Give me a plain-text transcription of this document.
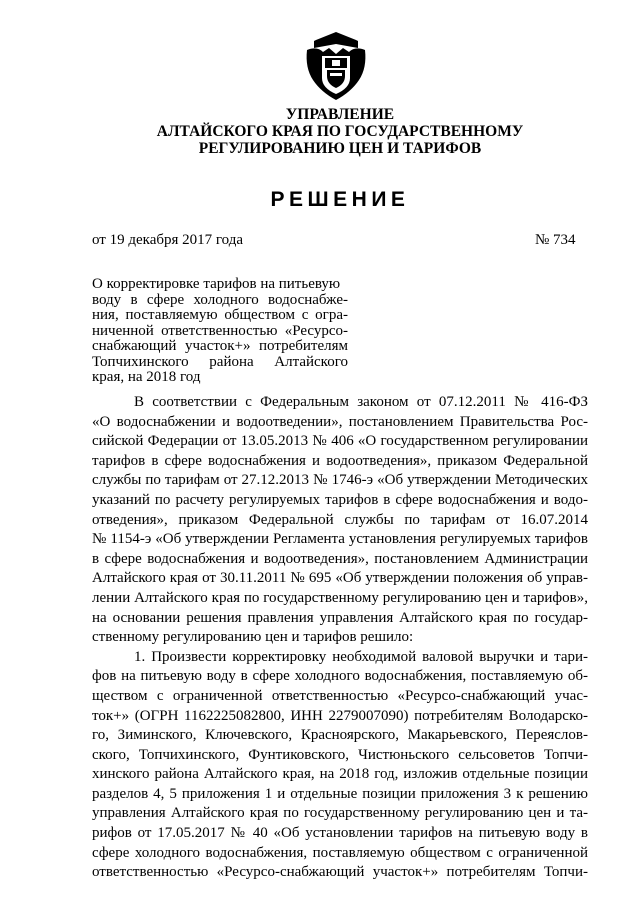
УПРАВЛЕНИЕ
АЛТАЙСКОГО КРАЯ ПО ГОСУДАРСТВЕННОМУ
РЕГУЛИРОВАНИЮ ЦЕН И ТАРИФОВ
РЕШЕНИЕ
от 19 декабря 2017 года	№ 734
О корректировке тарифов на питьевую
воду в сфере холодного водоснабже-
ния, поставляемую обществом с огра-
ниченной ответственностью «Ресурсо-
снабжающий участок+» потребителям
Топчихинского района Алтайского
края, на 2018 год
В соответствии с Федеральным законом от 07.12.2011 № 416-ФЗ
«О водоснабжении и водоотведении», постановлением Правительства Рос-
сийской Федерации от 13.05.2013 № 406 «О государственном регулировании
тарифов в сфере водоснабжения и водоотведения», приказом Федеральной
службы по тарифам от 27.12.2013 № 1746-э «Об утверждении Методических
указаний по расчету регулируемых тарифов в сфере водоснабжения и водо-
отведения», приказом Федеральной службы по тарифам от 16.07.2014
№ 1154-э «Об утверждении Регламента установления регулируемых тарифов
в сфере водоснабжения и водоотведения», постановлением Администрации
Алтайского края от 30.11.2011 № 695 «Об утверждении положения об управ-
лении Алтайского края по государственному регулированию цен и тарифов»,
на основании решения правления управления Алтайского края по государ-
ственному регулированию цен и тарифов решило:
1. Произвести корректировку необходимой валовой выручки и тари-
фов на питьевую воду в сфере холодного водоснабжения, поставляемую об-
ществом с ограниченной ответственностью «Ресурсо-снабжающий учас-
ток+» (ОГРН 1162225082800, ИНН 2279007090) потребителям Володарско-
го, Зиминского, Ключевского, Красноярского, Макарьевского, Переяслов-
ского, Топчихинского, Фунтиковского, Чистюньского сельсоветов Топчи-
хинского района Алтайского края, на 2018 год, изложив отдельные позиции
разделов 4, 5 приложения 1 и отдельные позиции приложения 3 к решению
управления Алтайского края по государственному регулированию цен и та-
рифов от 17.05.2017 № 40 «Об установлении тарифов на питьевую воду в
сфере холодного водоснабжения, поставляемую обществом с ограниченной
ответственностью «Ресурсо-снабжающий участок+» потребителям Топчи-
